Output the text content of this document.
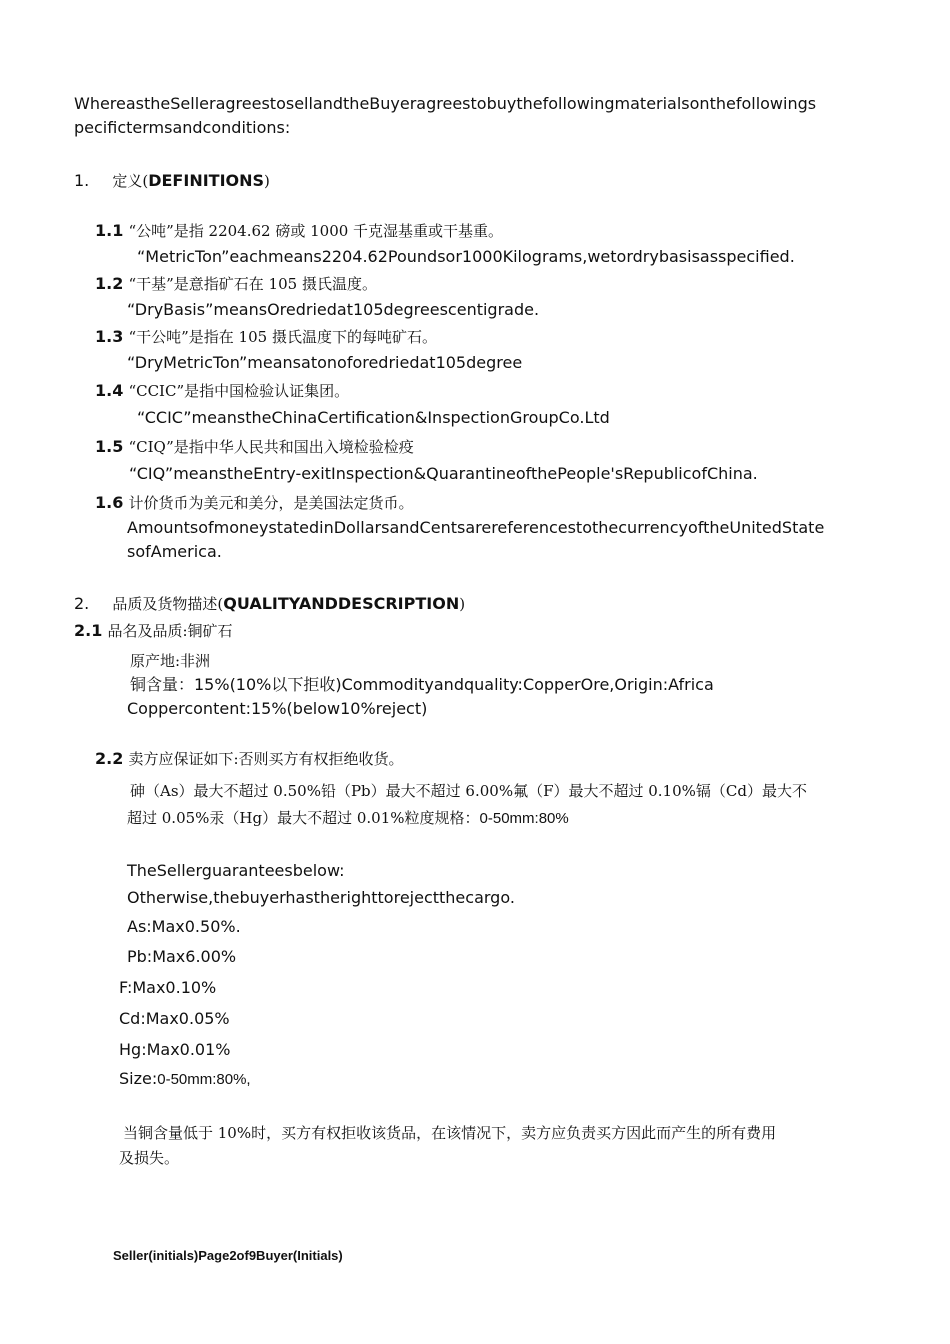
WhereastheSelleragreestosellandtheBuyeragreestobuythefollowingmaterialsonthefollowings
pecifictermsandconditions:
1. 定义(DEFINITIONS)
1.1 “公吨”是指 2204.62 磅或 1000 千克湿基重或干基重。
“MetricTon”eachmeans2204.62Poundsor1000Kilograms,wetordrybasisasspecified.
1.2 “干基”是意指矿石在 105 摄氏温度。
“DryBasis”meansOredriedat105degreescentigrade.
1.3 “干公吨”是指在 105 摄氏温度下的每吨矿石。
“DryMetricTon”meansatonoforedriedat105degree
1.4 “CCIC”是指中国检验认证集团。
“CCIC”meanstheChinaCertification&InspectionGroupCo.Ltd
1.5 “CIQ”是指中华人民共和国出入境检验检疫
“CIQ”meanstheEntry-exitInspection&QuarantineofthePeople'sRepublicofChina.
1.6 计价货币为美元和美分，是美国法定货币。
AmountsofmoneystatedinDollarsandCentsarereferencestothecurrencyoftheUnitedState
sofAmerica.
2. 品质及货物描述(QUALITYANDDESCRIPTION)
2.1 品名及品质:铜矿石
原产地:非洲
铜含量：15%(10%以下拒收)Commodityandquality:CopperOre,Origin:Africa
Coppercontent:15%(below10%reject)
2.2 卖方应保证如下:否则买方有权拒绝收货。
砷（As）最大不超过 0.50%铅（Pb）最大不超过 6.00%氟（F）最大不超过 0.10%镉（Cd）最大不
超过 0.05%汞（Hg）最大不超过 0.01%粒度规格：0-50mm:80%
TheSellerguaranteesbelow:
Otherwise,thebuyerhastherighttorejectthecargo.
As:Max0.50%.
Pb:Max6.00%
F:Max0.10%
Cd:Max0.05%
Hg:Max0.01%
Size:0-50mm:80%,
当铜含量低于 10%时，买方有权拒收该货品，在该情况下，卖方应负责买方因此而产生的所有费用
及损失。
Seller(initials)Page2of9Buyer(Initials)
